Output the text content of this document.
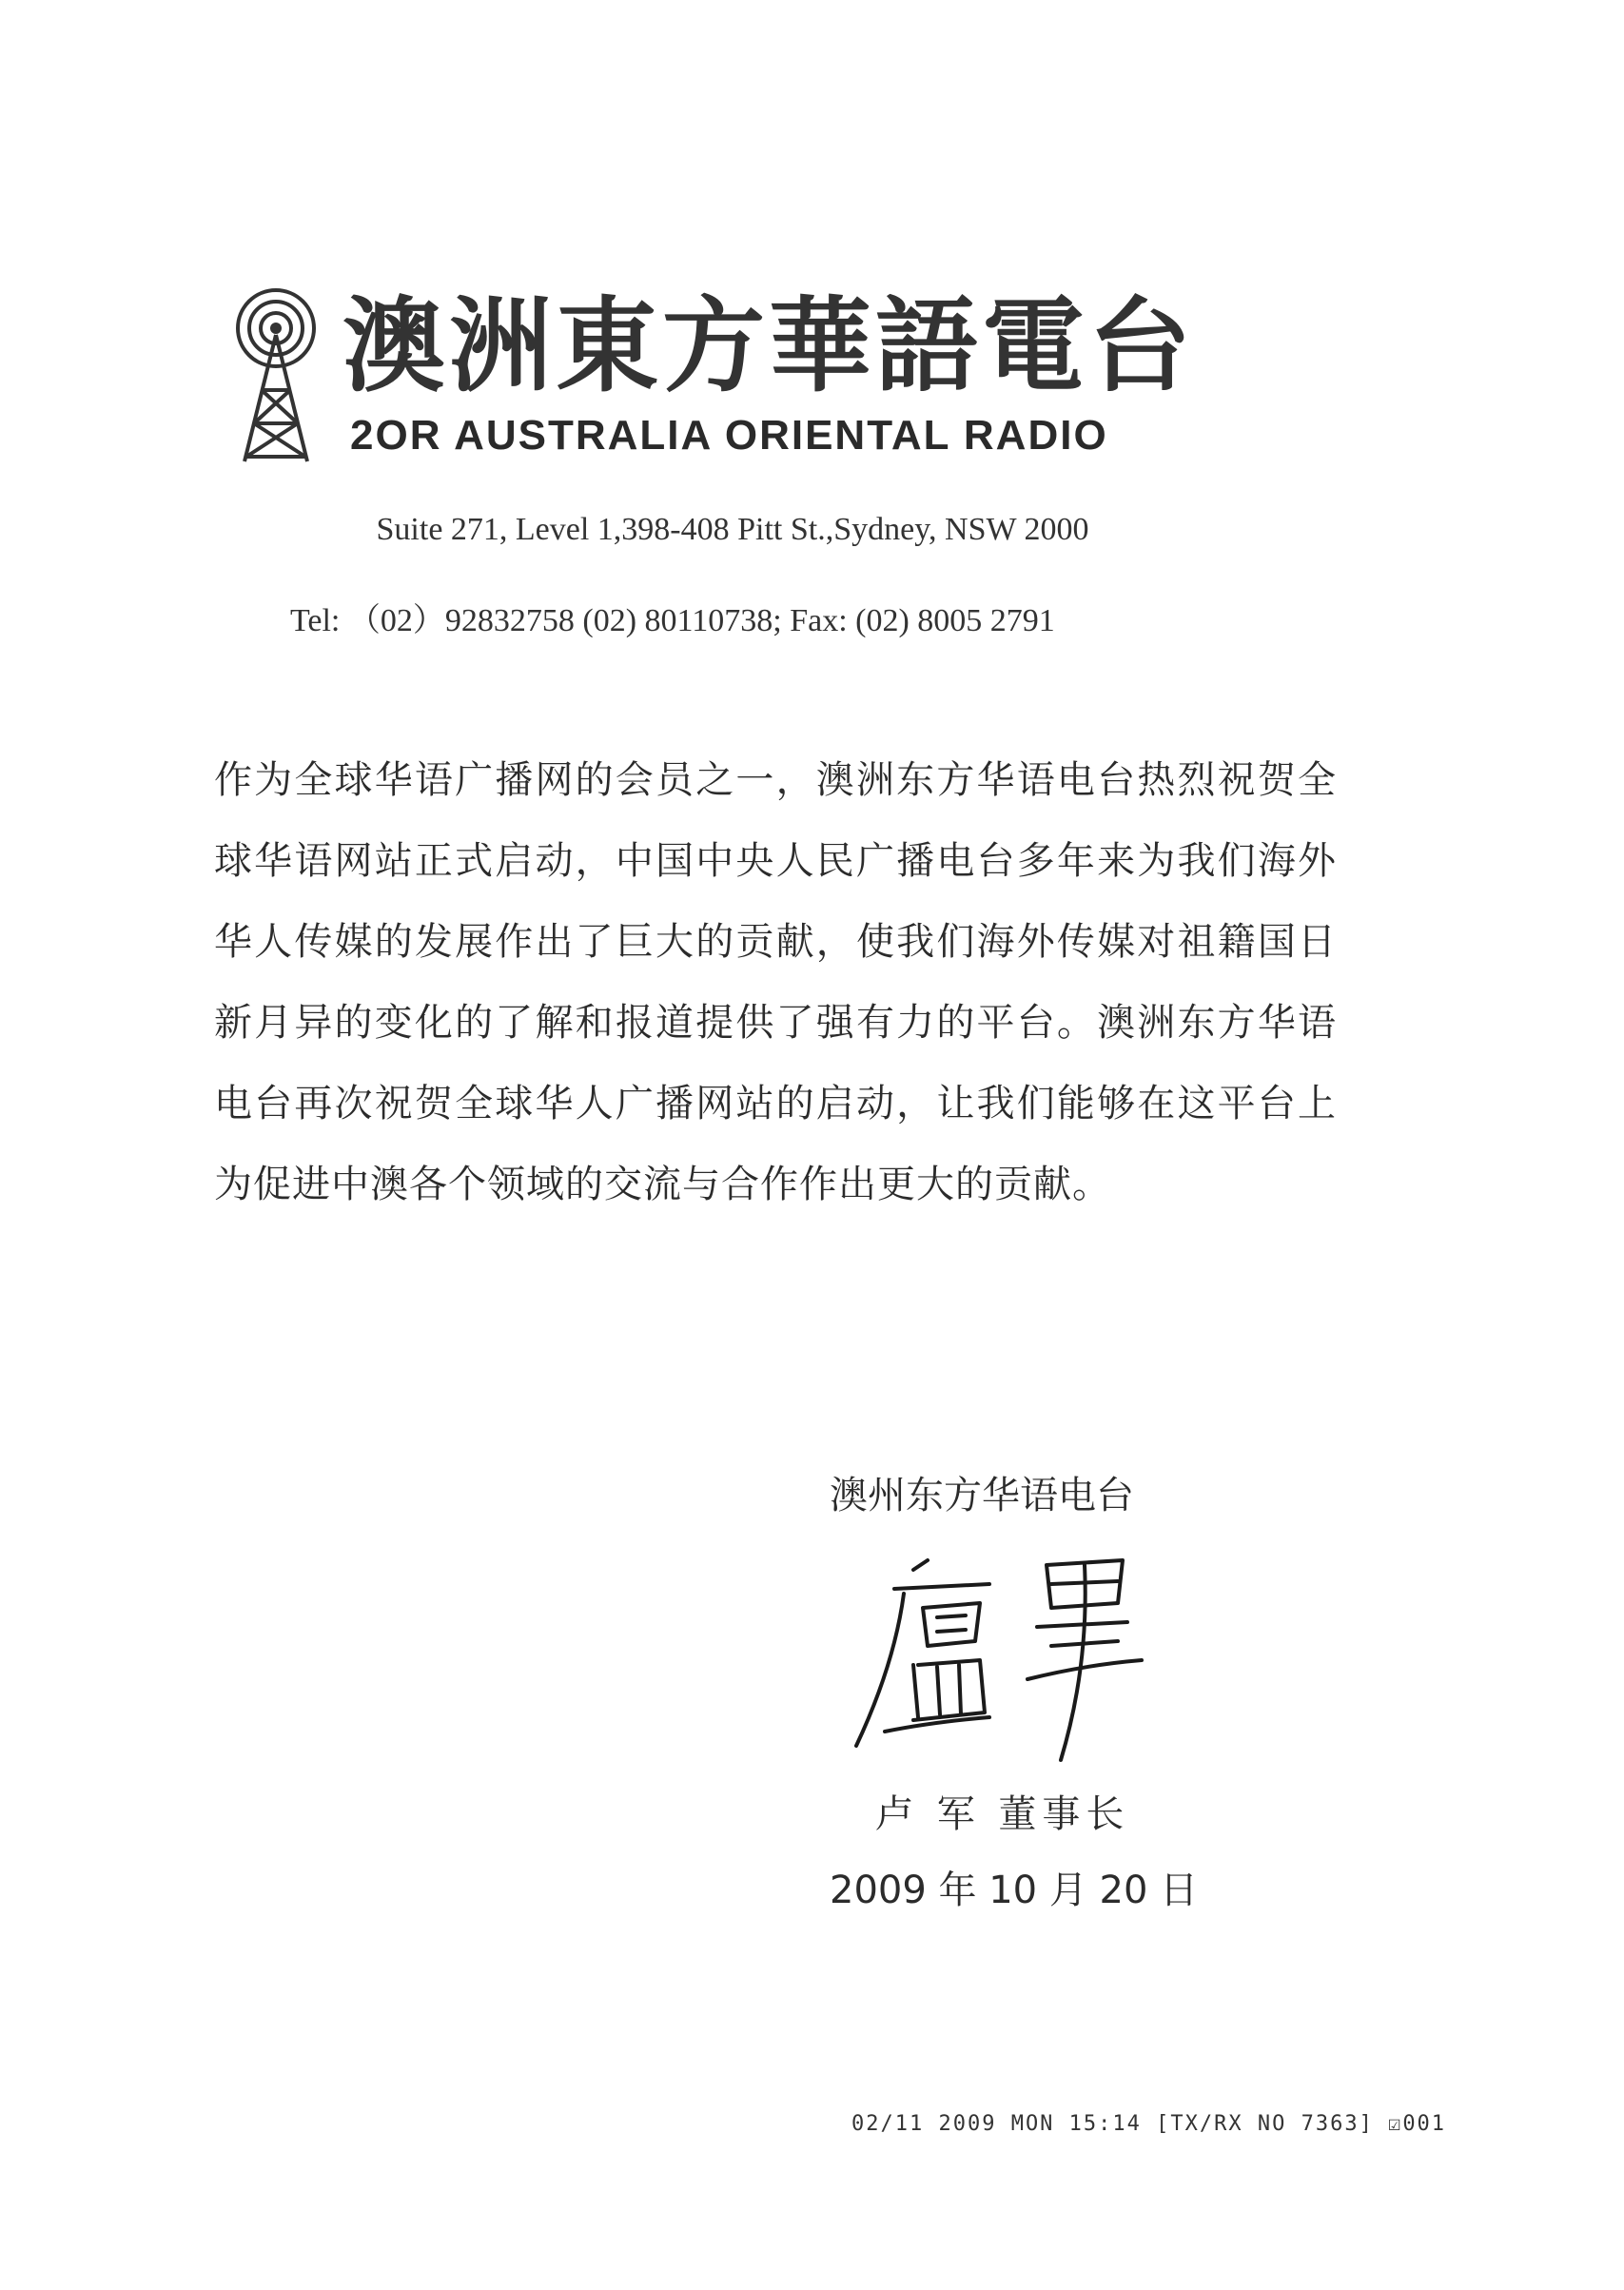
澳洲東方華語電台
2OR AUSTRALIA ORIENTAL RADIO
Suite 271, Level 1,398-408 Pitt St.,Sydney, NSW 2000
Tel: （02）92832758 (02) 80110738; Fax: (02) 8005 2791
作为全球华语广播网的会员之一，澳洲东方华语电台热烈祝贺全球华语网站正式启动，中国中央人民广播电台多年来为我们海外华人传媒的发展作出了巨大的贡献，使我们海外传媒对祖籍国日新月异的变化的了解和报道提供了强有力的平台。澳洲东方华语电台再次祝贺全球华人广播网站的启动，让我们能够在这平台上为促进中澳各个领域的交流与合作作出更大的贡献。
澳州东方华语电台
卢 军 董事长
2009 年 10 月 20 日
02/11 2009 MON 15:14 [TX/RX NO 7363] ☑001
